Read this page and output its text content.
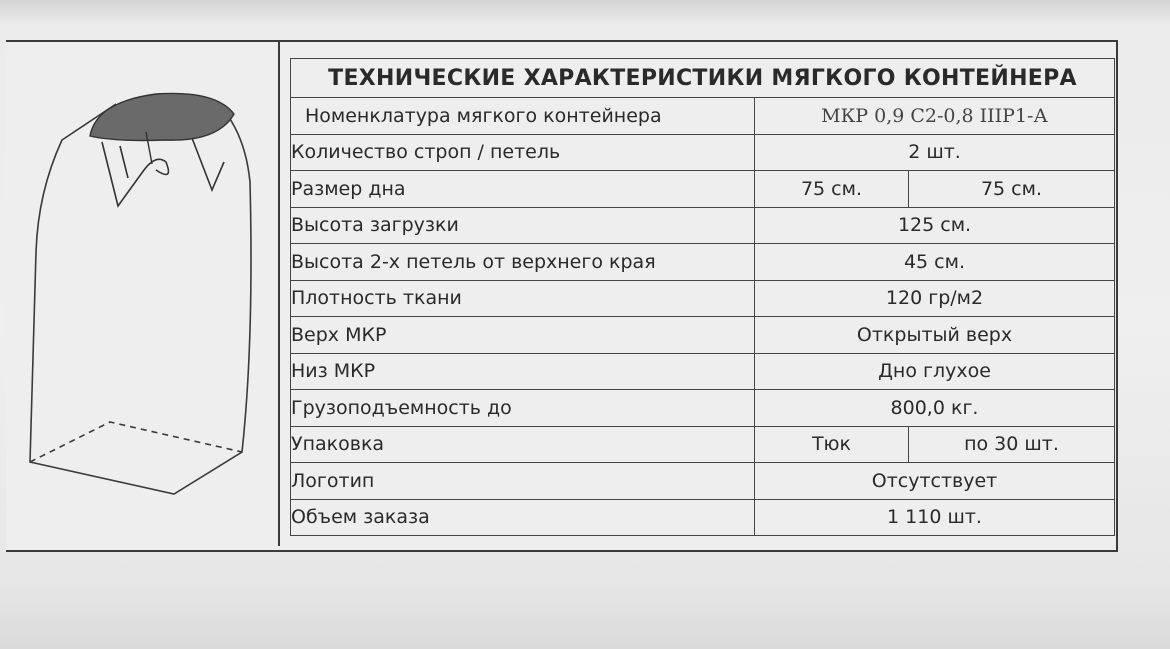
ТЕХНИЧЕСКИЕ ХАРАКТЕРИСТИКИ МЯГКОГО КОНТЕЙНЕРА		
Номенклатура мягкого контейнера	МКР 0,9 С2-0,8 IIIР1-А	
Количество строп / петель	2 шт.	
Размер дна	75 см.	75 см.
Высота загрузки	125 см.	
Высота 2-х петель от верхнего края	45 см.	
Плотность ткани	120 гр/м2	
Верх МКР	Открытый верх	
Низ МКР	Дно глухое	
Грузоподъемность до	800,0 кг.	
Упаковка	Тюк	по 30 шт.
Логотип	Отсутствует	
Объем заказа	1 110 шт.	
